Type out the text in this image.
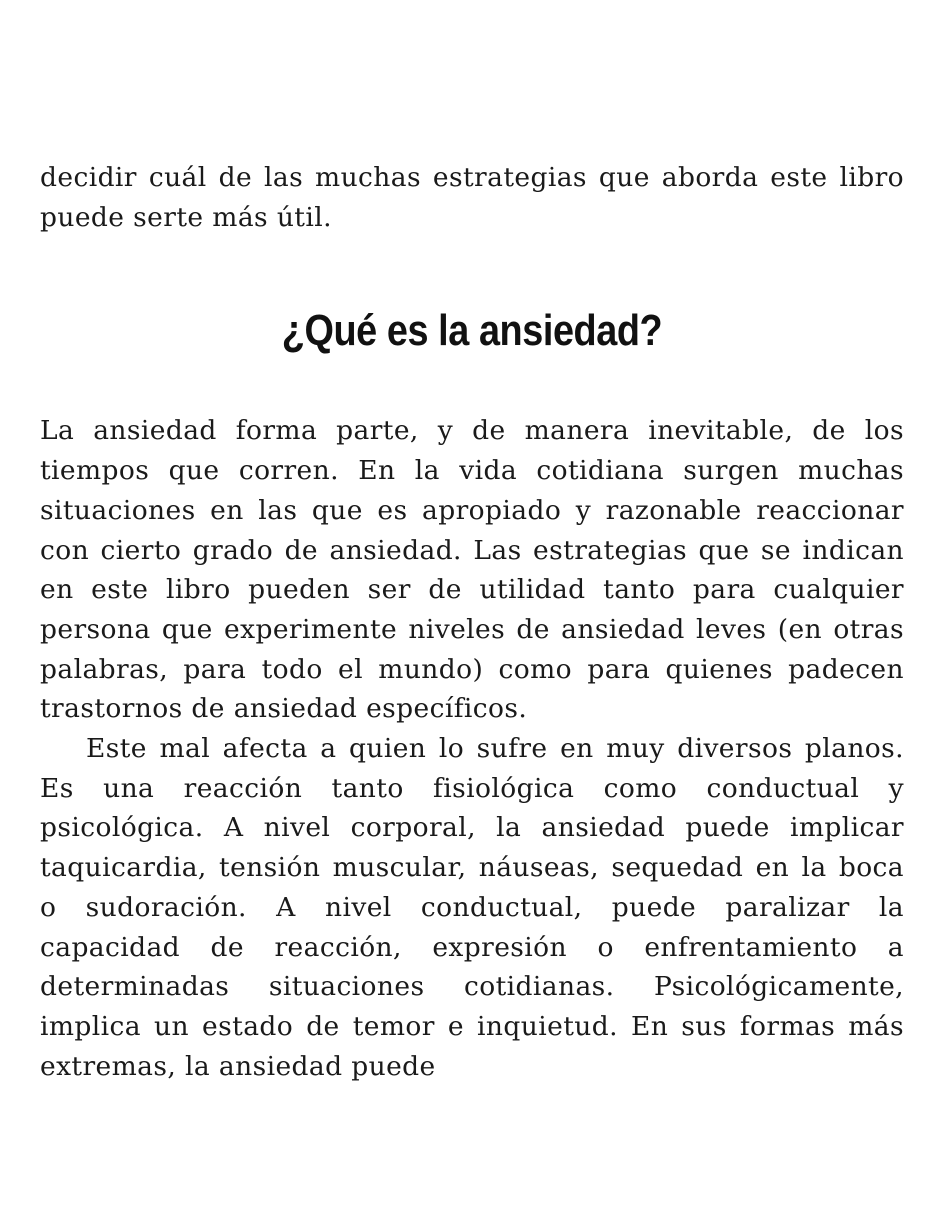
decidir cuál de las muchas estrategias que aborda este libro puede serte más útil.

¿Qué es la ansiedad?

La ansiedad forma parte, y de manera inevitable, de los tiempos que corren. En la vida cotidiana surgen muchas situaciones en las que es apropiado y razonable reaccionar con cierto grado de ansiedad. Las estrategias que se indican en este libro pueden ser de utilidad tanto para cualquier persona que experimente niveles de ansiedad leves (en otras palabras, para todo el mundo) como para quienes padecen trastornos de ansiedad específicos.

Este mal afecta a quien lo sufre en muy diversos planos. Es una reacción tanto fisiológica como conductual y psicológica. A nivel corporal, la ansiedad puede implicar taquicardia, tensión muscular, náuseas, sequedad en la boca o sudoración. A nivel conductual, puede paralizar la capacidad de reacción, expresión o enfrentamiento a determinadas situaciones cotidianas. Psicológicamente, implica un estado de temor e inquietud. En sus formas más extremas, la ansiedad puede
